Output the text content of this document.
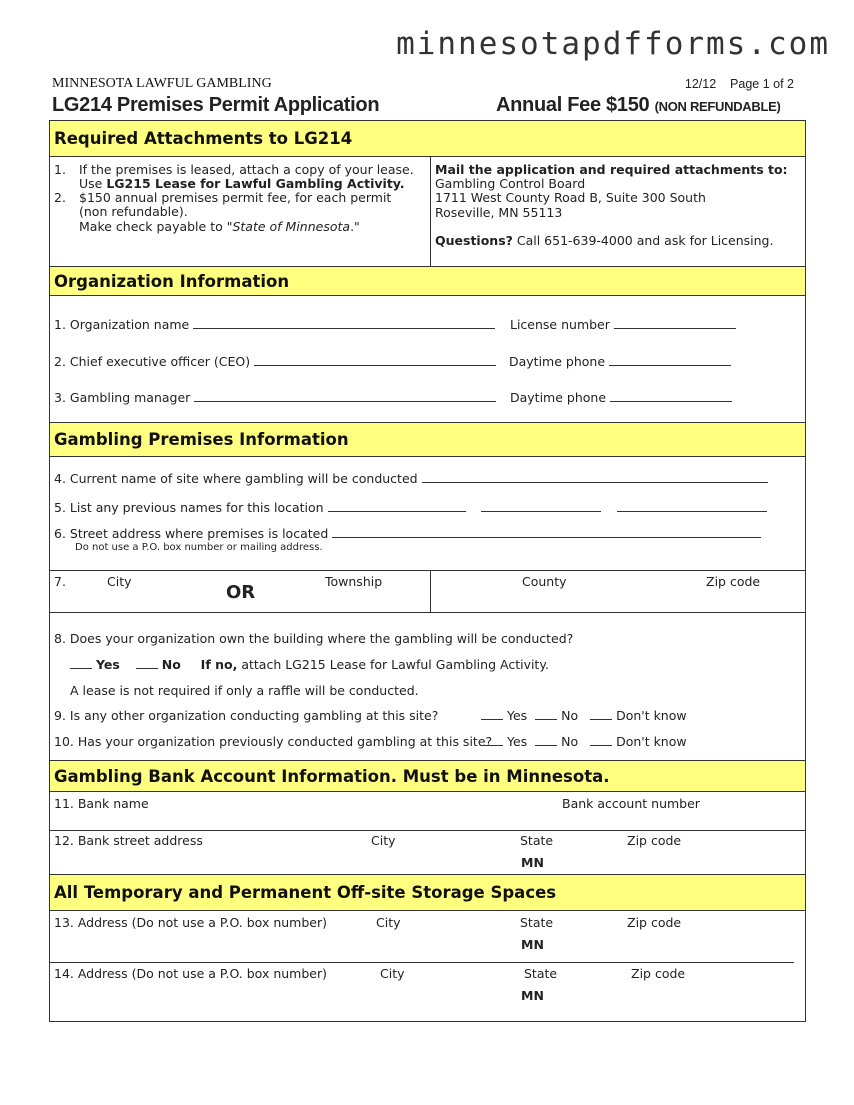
minnesotapdfforms.com
MINNESOTA LAWFUL GAMBLING	12/12    Page 1 of 2
LG214 Premises Permit Application	Annual Fee $150 (NON REFUNDABLE)
Required Attachments to LG214
1. If the premises is leased, attach a copy of your lease.
Use LG215 Lease for Lawful Gambling Activity.
2. $150 annual premises permit fee, for each permit
(non refundable).
Make check payable to "State of Minnesota."
Mail the application and required attachments to:
Gambling Control Board
1711 West County Road B, Suite 300 South
Roseville, MN 55113
Questions? Call 651-639-4000 and ask for Licensing.
Organization Information
1. Organization name	License number
2. Chief executive officer (CEO)	Daytime phone
3. Gambling manager	Daytime phone
Gambling Premises Information
4. Current name of site where gambling will be conducted
5. List any previous names for this location
6. Street address where premises is located
Do not use a P.O. box number or mailing address.
7.	City
OR
Township	County	Zip code
8. Does your organization own the building where the gambling will be conducted?
Yes	No If no, attach LG215 Lease for Lawful Gambling Activity.
A lease is not required if only a raffle will be conducted.
9. Is any other organization conducting gambling at this site?	Yes	No	Don't know
10. Has your organization previously conducted gambling at this site?	Yes	No	Don't know
Gambling Bank Account Information. Must be in Minnesota.
11. Bank name	Bank account number
12. Bank street address	City	State	Zip code
MN
All Temporary and Permanent Off-site Storage Spaces
13. Address (Do not use a P.O. box number)	City	State	Zip code
MN
14. Address (Do not use a P.O. box number)	City	State	Zip code
MN
